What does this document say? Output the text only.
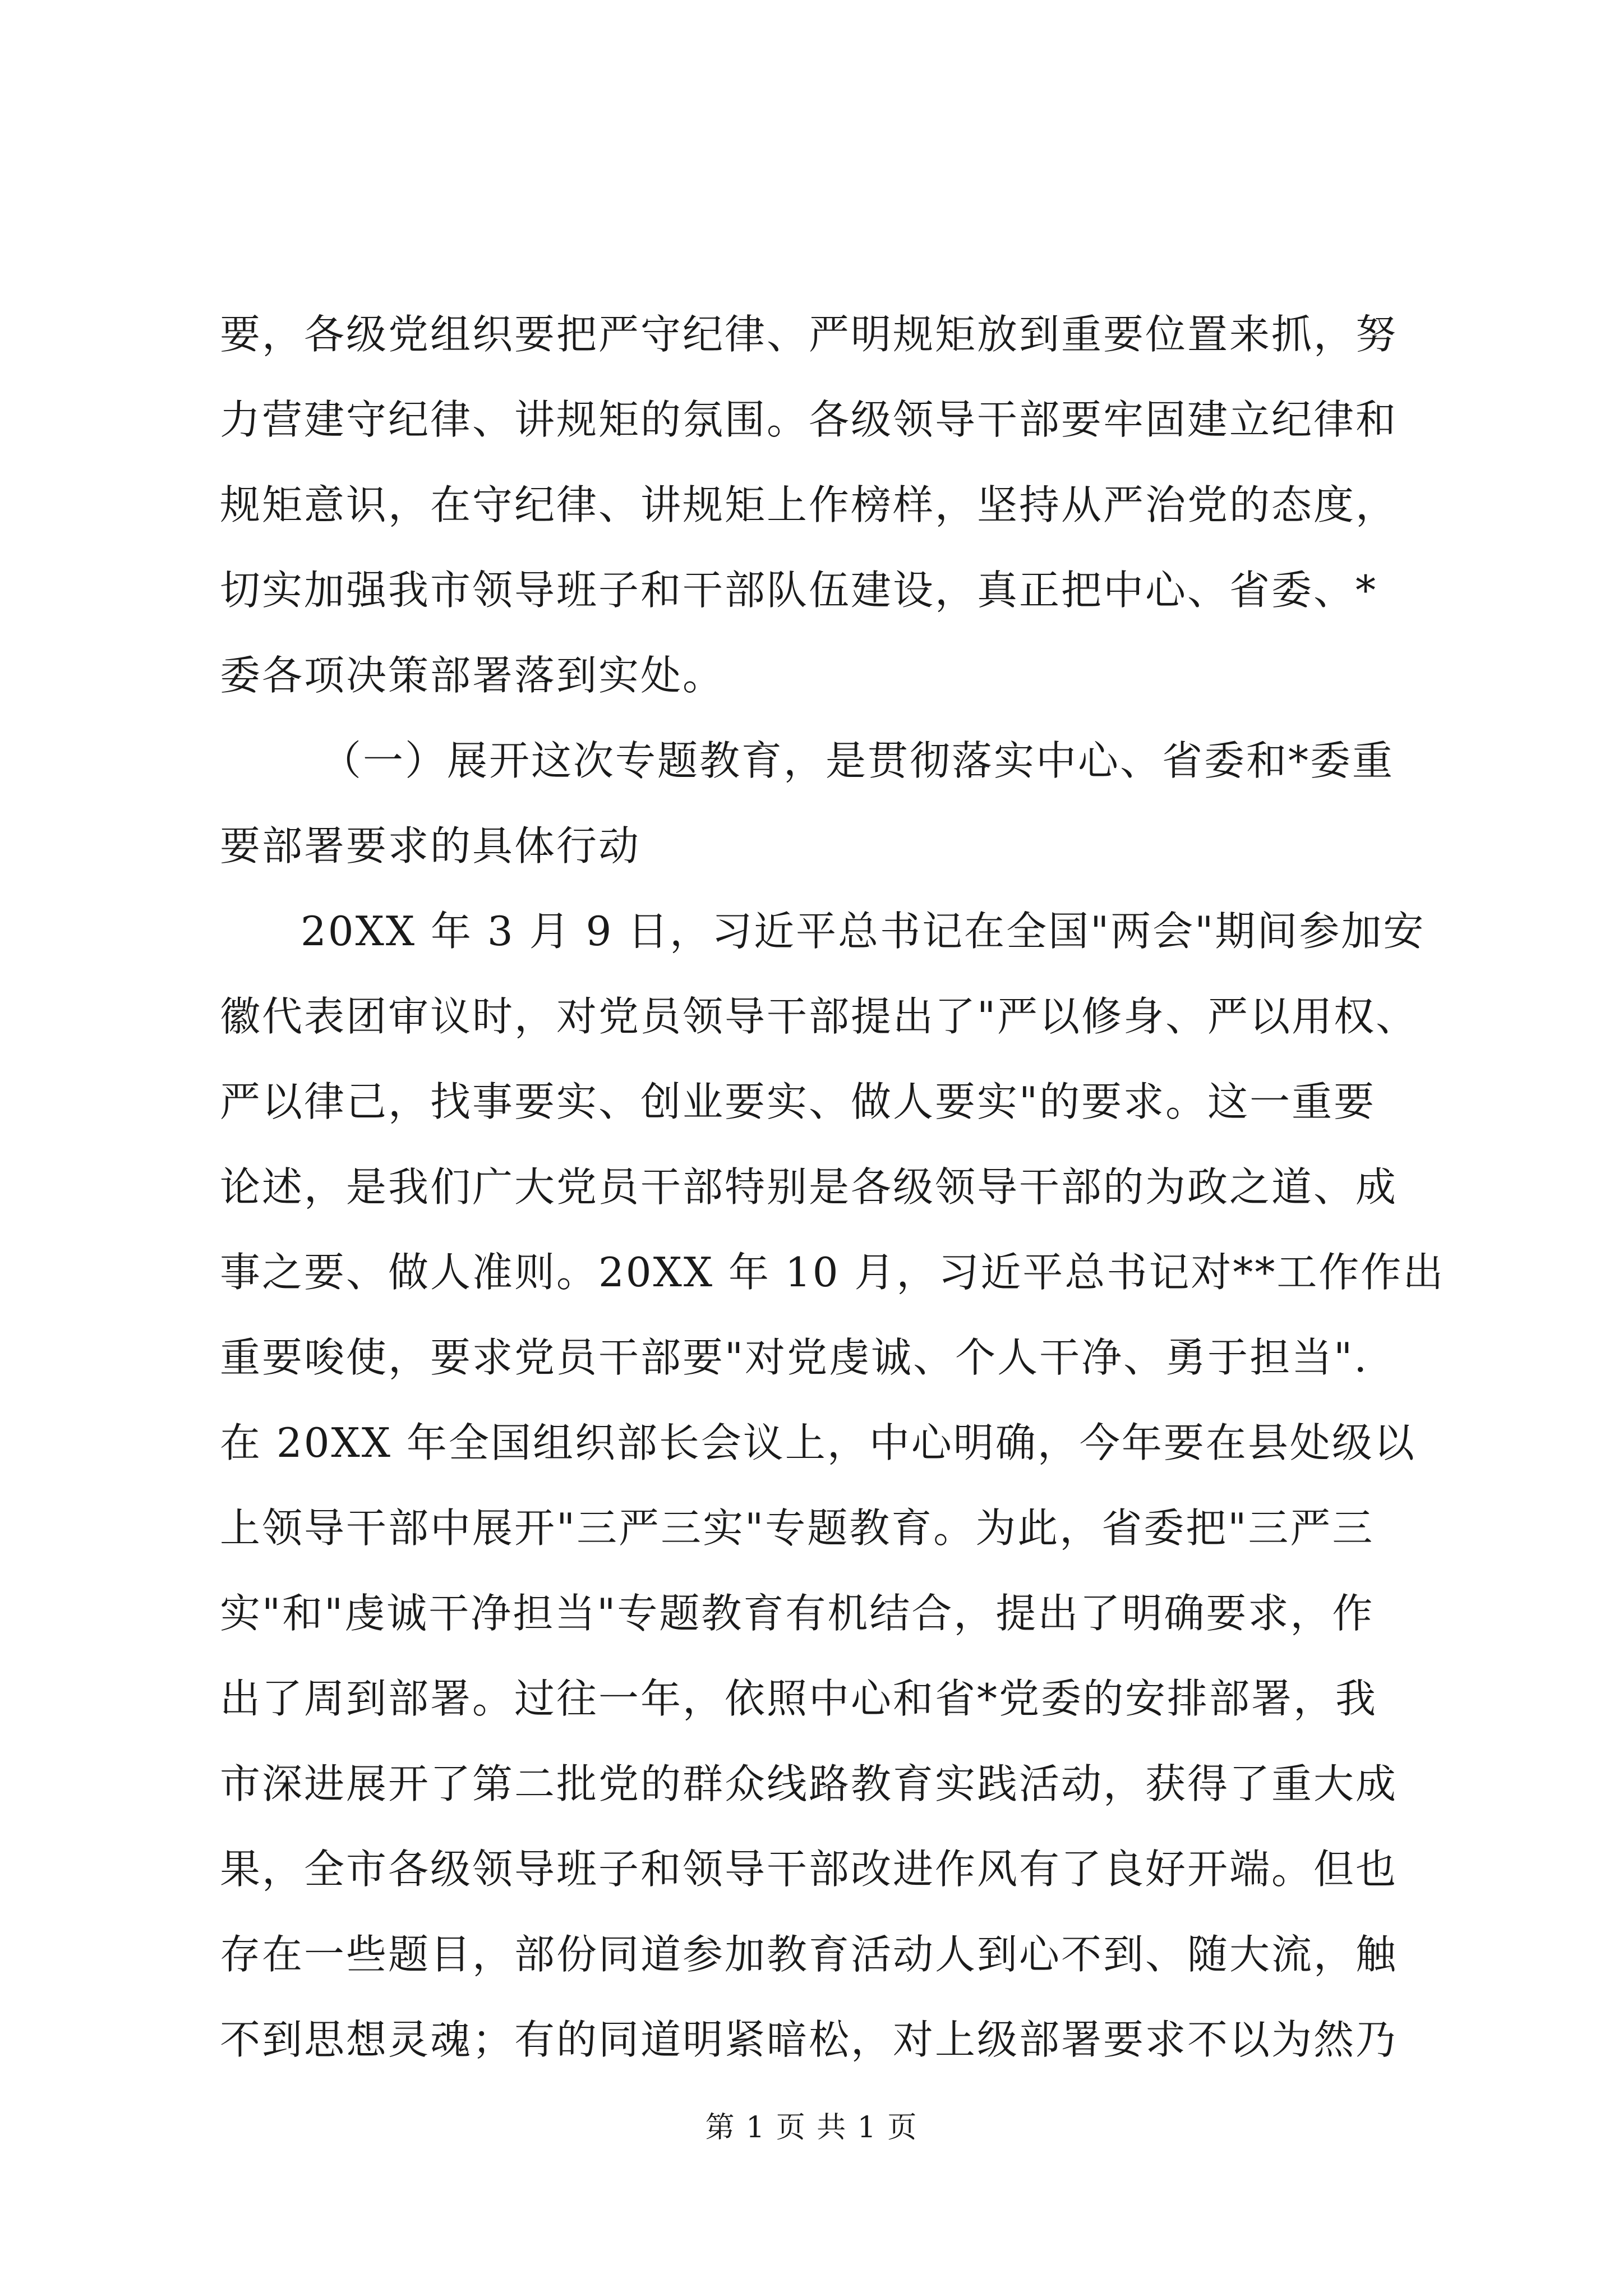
要，各级党组织要把严守纪律、严明规矩放到重要位置来抓，努
力营建守纪律、讲规矩的氛围。各级领导干部要牢固建立纪律和
规矩意识，在守纪律、讲规矩上作榜样，坚持从严治党的态度，
切实加强我市领导班子和干部队伍建设，真正把中心、省委、*
委各项决策部署落到实处。
（一）展开这次专题教育，是贯彻落实中心、省委和*委重
要部署要求的具体行动
20XX 年 3 月 9 日，习近平总书记在全国"两会"期间参加安
徽代表团审议时，对党员领导干部提出了"严以修身、严以用权、
严以律己，找事要实、创业要实、做人要实"的要求。这一重要
论述，是我们广大党员干部特别是各级领导干部的为政之道、成
事之要、做人准则。20XX 年 10 月，习近平总书记对**工作作出
重要唆使，要求党员干部要"对党虔诚、个人干净、勇于担当".
在 20XX 年全国组织部长会议上，中心明确，今年要在县处级以
上领导干部中展开"三严三实"专题教育。为此，省委把"三严三
实"和"虔诚干净担当"专题教育有机结合，提出了明确要求，作
出了周到部署。过往一年，依照中心和省*党委的安排部署，我
市深进展开了第二批党的群众线路教育实践活动，获得了重大成
果，全市各级领导班子和领导干部改进作风有了良好开端。但也
存在一些题目，部份同道参加教育活动人到心不到、随大流，触
不到思想灵魂；有的同道明紧暗松，对上级部署要求不以为然乃
第 1 页 共 1 页
